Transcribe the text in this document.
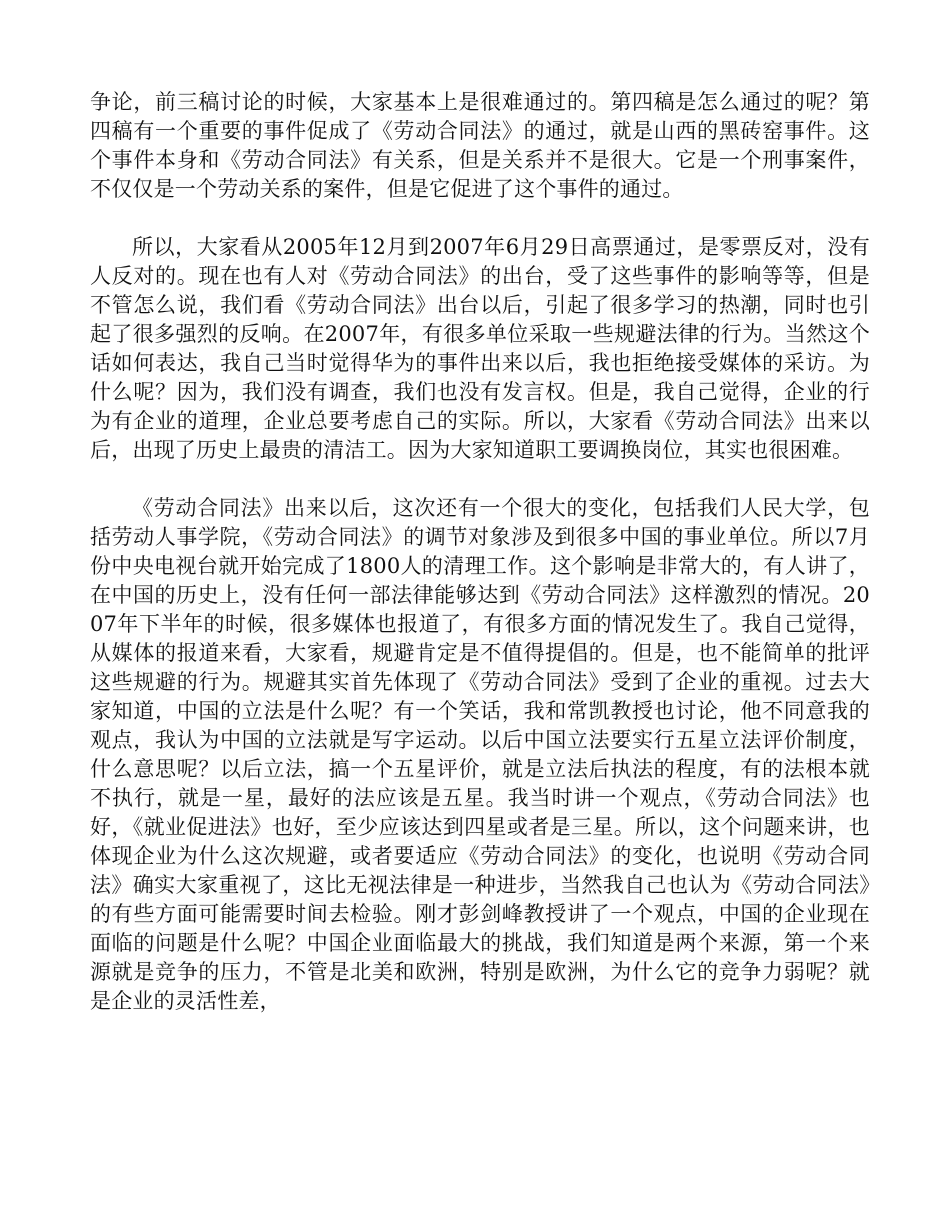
争论，前三稿讨论的时候，大家基本上是很难通过的。第四稿是怎么通过的呢？第四稿有一个重要的事件促成了《劳动合同法》的通过，就是山西的黑砖窑事件。这个事件本身和《劳动合同法》有关系，但是关系并不是很大。它是一个刑事案件，不仅仅是一个劳动关系的案件，但是它促进了这个事件的通过。

所以，大家看从2005年12月到2007年6月29日高票通过，是零票反对，没有人反对的。现在也有人对《劳动合同法》的出台，受了这些事件的影响等等，但是不管怎么说，我们看《劳动合同法》出台以后，引起了很多学习的热潮，同时也引起了很多强烈的反响。在2007年，有很多单位采取一些规避法律的行为。当然这个话如何表达，我自己当时觉得华为的事件出来以后，我也拒绝接受媒体的采访。为什么呢？因为，我们没有调查，我们也没有发言权。但是，我自己觉得，企业的行为有企业的道理，企业总要考虑自己的实际。所以，大家看《劳动合同法》出来以后，出现了历史上最贵的清洁工。因为大家知道职工要调换岗位，其实也很困难。

《劳动合同法》出来以后，这次还有一个很大的变化，包括我们人民大学，包括劳动人事学院，《劳动合同法》的调节对象涉及到很多中国的事业单位。所以7月份中央电视台就开始完成了1800人的清理工作。这个影响是非常大的，有人讲了，在中国的历史上，没有任何一部法律能够达到《劳动合同法》这样激烈的情况。2007年下半年的时候，很多媒体也报道了，有很多方面的情况发生了。我自己觉得，从媒体的报道来看，大家看，规避肯定是不值得提倡的。但是，也不能简单的批评这些规避的行为。规避其实首先体现了《劳动合同法》受到了企业的重视。过去大家知道，中国的立法是什么呢？有一个笑话，我和常凯教授也讨论，他不同意我的观点，我认为中国的立法就是写字运动。以后中国立法要实行五星立法评价制度，什么意思呢？以后立法，搞一个五星评价，就是立法后执法的程度，有的法根本就不执行，就是一星，最好的法应该是五星。我当时讲一个观点，《劳动合同法》也好，《就业促进法》也好，至少应该达到四星或者是三星。所以，这个问题来讲，也体现企业为什么这次规避，或者要适应《劳动合同法》的变化，也说明《劳动合同法》确实大家重视了，这比无视法律是一种进步，当然我自己也认为《劳动合同法》的有些方面可能需要时间去检验。刚才彭剑峰教授讲了一个观点，中国的企业现在面临的问题是什么呢？中国企业面临最大的挑战，我们知道是两个来源，第一个来源就是竞争的压力，不管是北美和欧洲，特别是欧洲，为什么它的竞争力弱呢？就是企业的灵活性差，
